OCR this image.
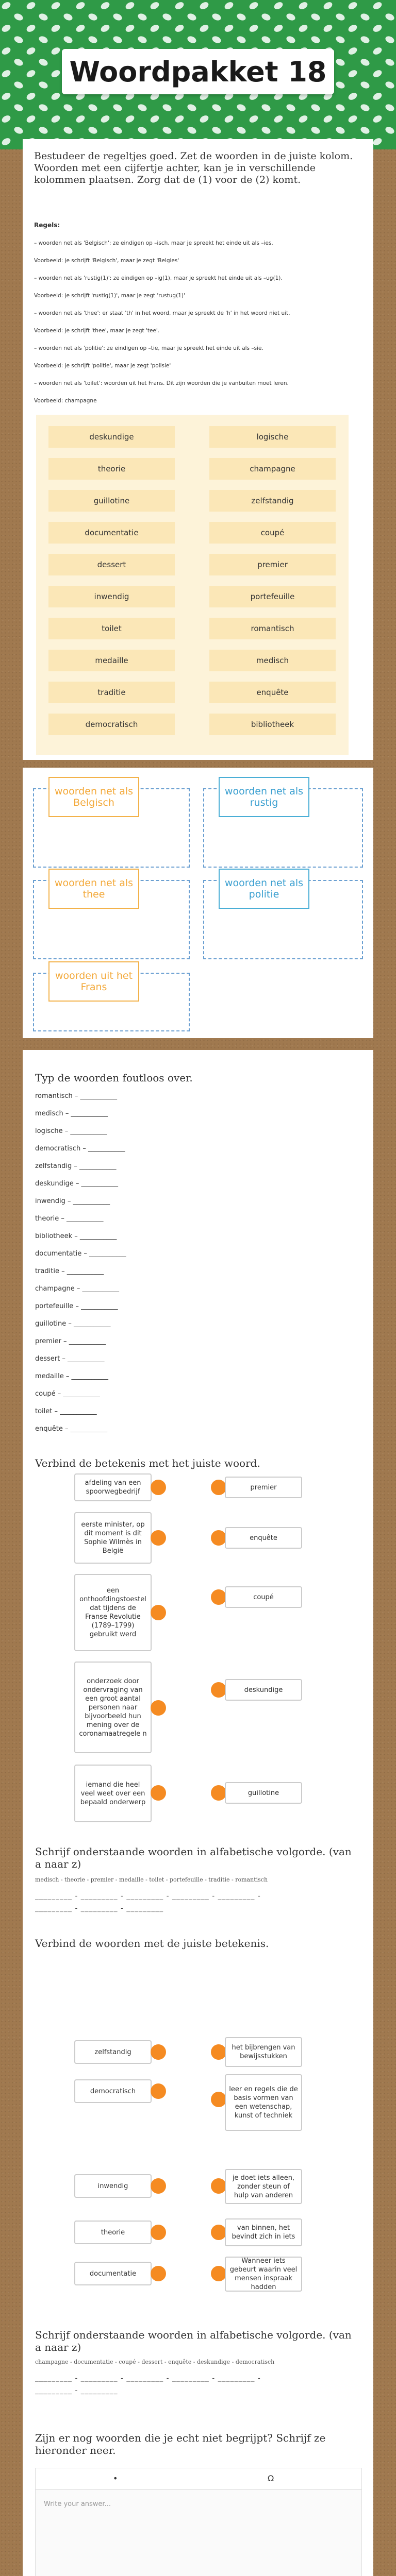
Woordpakket 18
Bestudeer de regeltjes goed. Zet de woorden in de juiste kolom. Woorden met een cijfertje achter, kan je in verschillende kolommen plaatsen. Zorg dat de (1) voor de (2) komt.
Regels:
– woorden net als 'Belgisch': ze eindigen op –isch, maar je spreekt het einde uit als –ies.
Voorbeeld: je schrijft 'Belgisch', maar je zegt 'Belgies'
– woorden net als 'rustig(1)': ze eindigen op –ig(1), maar je spreekt het einde uit als –ug(1).
Voorbeeld: je schrijft 'rustig(1)', maar je zegt 'rustug(1)'
– woorden net als 'thee': er staat 'th' in het woord, maar je spreekt de 'h' in het woord niet uit.
Voorbeeld: je schrijft 'thee', maar je zegt 'tee'.
– woorden net als 'politie': ze eindigen op –tie, maar je spreekt het einde uit als –sie.
Voorbeeld: je schrijft 'politie', maar je zegt 'polisie'
– woorden net als 'toilet': woorden uit het Frans. Dit zijn woorden die je vanbuiten moet leren.
Voorbeeld: champagne
deskundige	logische
theorie	champagne
guillotine	zelfstandig
documentatie	coupé
dessert	premier
inwendig	portefeuille
toilet	romantisch
medaille	medisch
traditie	enquête
democratisch	bibliotheek
woorden net als Belgisch
woorden net als rustig
woorden net als thee
woorden net als politie
woorden uit het Frans
Typ de woorden foutloos over.
romantisch – ___________
medisch – ___________
logische – ___________
democratisch – ___________
zelfstandig – ___________
deskundige – ___________
inwendig – ___________
theorie – ___________
bibliotheek – ___________
documentatie – ___________
traditie – ___________
champagne – ___________
portefeuille – ___________
guillotine – ___________
premier – ___________
dessert – ___________
medaille – ___________
coupé – ___________
toilet – ___________
enquête – ___________
Verbind de betekenis met het juiste woord.
afdeling van een spoorwegbedrijf
eerste minister, op dit moment is dit Sophie Wilmès in België
een onthoofdingstoestel dat tijdens de Franse Revolutie (1789–1799) gebruikt werd
onderzoek door ondervraging van een groot aantal personen naar bijvoorbeeld hun mening over de coronamaatregele n
iemand die heel veel weet over een bepaald onderwerp
premier
enquête
coupé
deskundige
guillotine
Schrijf onderstaande woorden in alfabetische volgorde. (van a naar z)
medisch - theorie - premier - medaille - toilet - portefeuille - traditie - romantisch
_________ - _________ - _________ - _________ - _________ -
_________ - _________ - _________
Verbind de woorden met de juiste betekenis.
zelfstandig
het bijbrengen van bewijsstukken
democratisch	leer en regels die de basis vormen van een wetenschap, kunst of techniek
inwendig
je doet iets alleen, zonder steun of hulp van anderen
theorie
van binnen, het bevindt zich in iets
documentatie
Wanneer iets gebeurt waarin veel mensen inspraak hadden
Schrijf onderstaande woorden in alfabetische volgorde. (van a naar z)
champagne - documentatie - coupé - dessert - enquête - deskundige - democratisch
_________ - _________ - _________ - _________ - _________ -
_________ - _________
Zijn er nog woorden die je echt niet begrijpt? Schrijf ze hieronder neer.
•	Ω
Write your answer...
